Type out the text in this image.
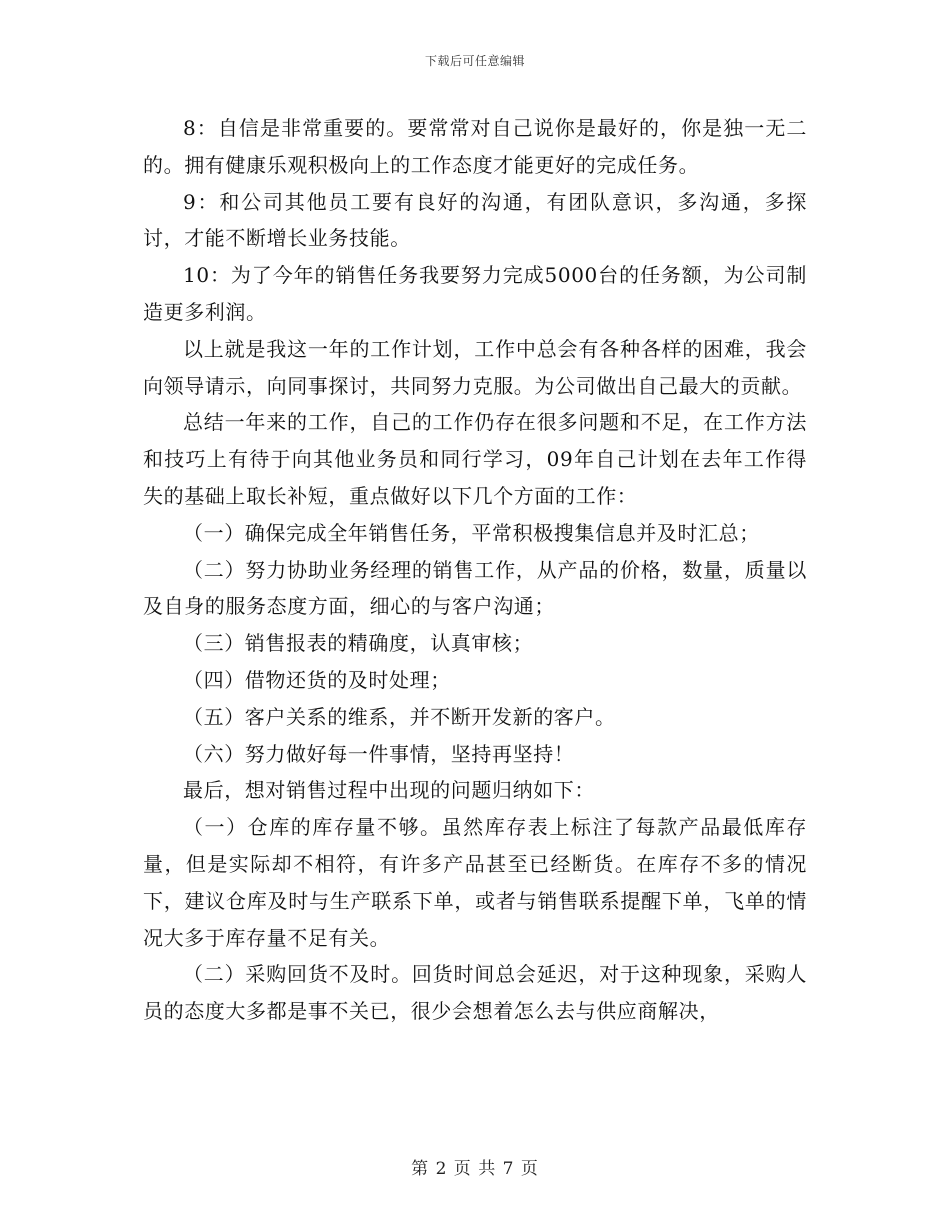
下载后可任意编辑

8：自信是非常重要的。要常常对自己说你是最好的，你是独一无二的。拥有健康乐观积极向上的工作态度才能更好的完成任务。

9：和公司其他员工要有良好的沟通，有团队意识，多沟通，多探讨，才能不断增长业务技能。

10：为了今年的销售任务我要努力完成5000台的任务额，为公司制造更多利润。

以上就是我这一年的工作计划，工作中总会有各种各样的困难，我会向领导请示，向同事探讨，共同努力克服。为公司做出自己最大的贡献。

总结一年来的工作，自己的工作仍存在很多问题和不足，在工作方法和技巧上有待于向其他业务员和同行学习，09年自己计划在去年工作得失的基础上取长补短，重点做好以下几个方面的工作：

（一）确保完成全年销售任务，平常积极搜集信息并及时汇总；

（二）努力协助业务经理的销售工作，从产品的价格，数量，质量以及自身的服务态度方面，细心的与客户沟通；

（三）销售报表的精确度，认真审核；

（四）借物还货的及时处理；

（五）客户关系的维系，并不断开发新的客户。

（六）努力做好每一件事情，坚持再坚持！

最后，想对销售过程中出现的问题归纳如下：

（一）仓库的库存量不够。虽然库存表上标注了每款产品最低库存量，但是实际却不相符，有许多产品甚至已经断货。在库存不多的情况下，建议仓库及时与生产联系下单，或者与销售联系提醒下单，飞单的情况大多于库存量不足有关。

（二）采购回货不及时。回货时间总会延迟，对于这种现象，采购人员的态度大多都是事不关已，很少会想着怎么去与供应商解决，

第 2 页 共 7 页
